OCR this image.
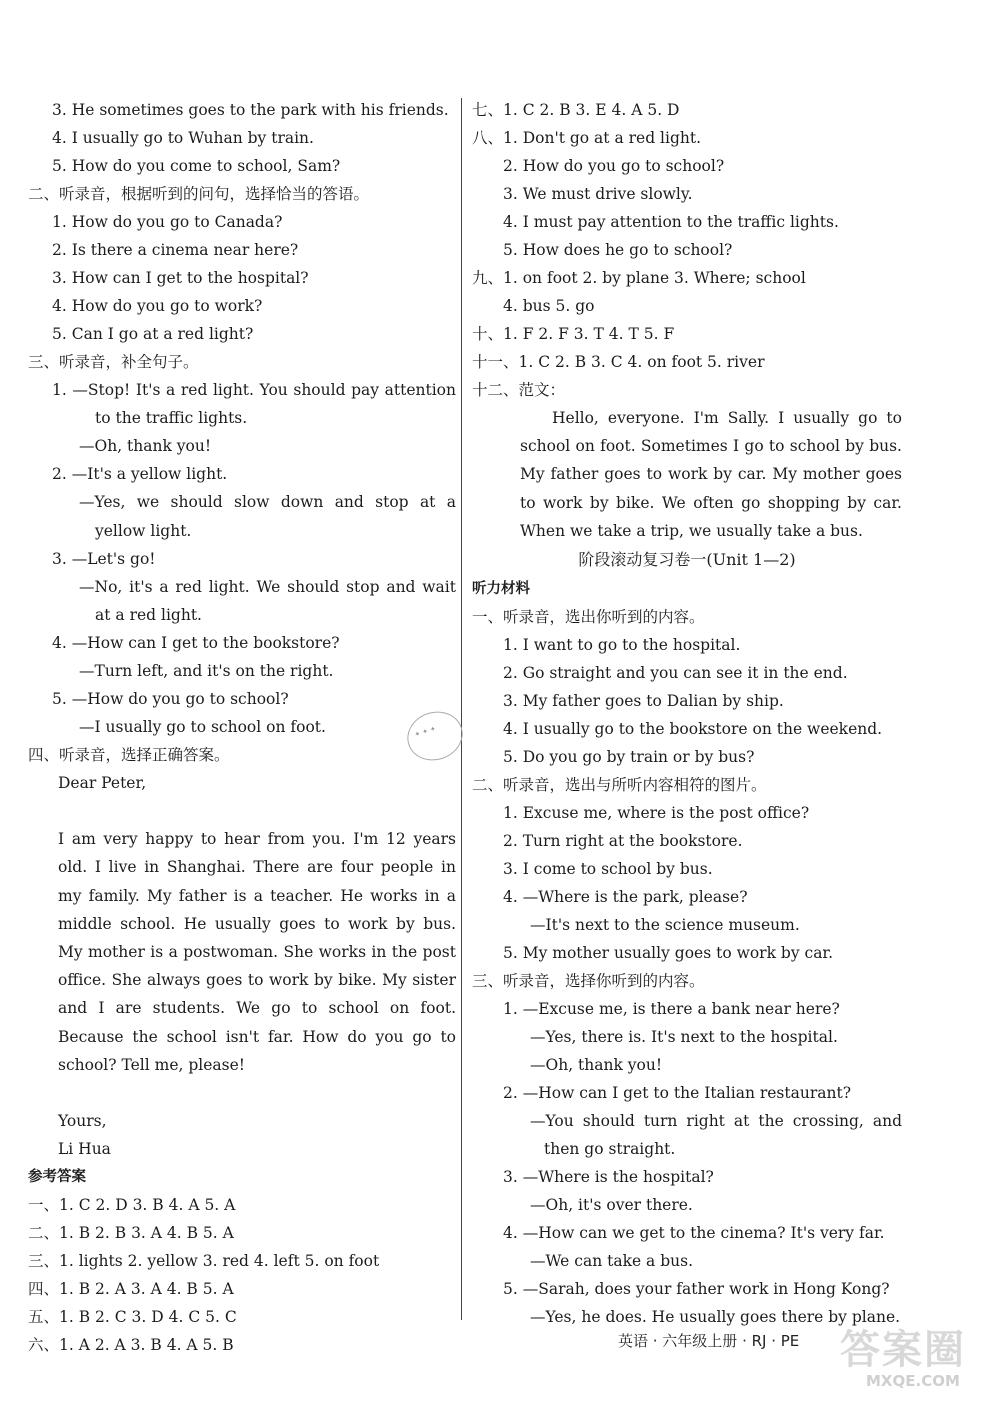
3. He sometimes goes to the park with his friends.
4. I usually go to Wuhan by train.
5. How do you come to school, Sam?
二、听录音，根据听到的问句，选择恰当的答语。
1. How do you go to Canada?
2. Is there a cinema near here?
3. How can I get to the hospital?
4. How do you go to work?
5. Can I go at a red light?
三、听录音，补全句子。
1. —Stop! It's a red light. You should pay attention to the traffic lights.
—Oh, thank you!
2. —It's a yellow light.
—Yes, we should slow down and stop at a yellow light.
3. —Let's go!
—No, it's a red light. We should stop and wait at a red light.
4. —How can I get to the bookstore?
—Turn left, and it's on the right.
5. —How do you go to school?
—I usually go to school on foot.
四、听录音，选择正确答案。
Dear Peter,
I am very happy to hear from you. I'm 12 years old. I live in Shanghai. There are four people in my family. My father is a teacher. He works in a middle school. He usually goes to work by bus. My mother is a postwoman. She works in the post office. She always goes to work by bike. My sister and I are students. We go to school on foot. Because the school isn't far. How do you go to school? Tell me, please!
Yours,
Li Hua
参考答案
一、1. C 2. D 3. B 4. A 5. A
二、1. B 2. B 3. A 4. B 5. A
三、1. lights 2. yellow 3. red 4. left 5. on foot
四、1. B 2. A 3. A 4. B 5. A
五、1. B 2. C 3. D 4. C 5. C
六、1. A 2. A 3. B 4. A 5. B
七、1. C 2. B 3. E 4. A 5. D
八、1. Don't go at a red light.
2. How do you go to school?
3. We must drive slowly.
4. I must pay attention to the traffic lights.
5. How does he go to school?
九、1. on foot 2. by plane 3. Where; school
4. bus 5. go
十、1. F 2. F 3. T 4. T 5. F
十一、1. C 2. B 3. C 4. on foot 5. river
十二、范文：
Hello, everyone. I'm Sally. I usually go to school on foot. Sometimes I go to school by bus. My father goes to work by car. My mother goes to work by bike. We often go shopping by car. When we take a trip, we usually take a bus.
阶段滚动复习卷一(Unit 1—2)
听力材料
一、听录音，选出你听到的内容。
1. I want to go to the hospital.
2. Go straight and you can see it in the end.
3. My father goes to Dalian by ship.
4. I usually go to the bookstore on the weekend.
5. Do you go by train or by bus?
二、听录音，选出与所听内容相符的图片。
1. Excuse me, where is the post office?
2. Turn right at the bookstore.
3. I come to school by bus.
4. —Where is the park, please?
—It's next to the science museum.
5. My mother usually goes to work by car.
三、听录音，选择你听到的内容。
1. —Excuse me, is there a bank near here?
—Yes, there is. It's next to the hospital.
—Oh, thank you!
2. —How can I get to the Italian restaurant?
—You should turn right at the crossing, and then go straight.
3. —Where is the hospital?
—Oh, it's over there.
4. —How can we get to the cinema? It's very far.
—We can take a bus.
5. —Sarah, does your father work in Hong Kong?
—Yes, he does. He usually goes there by plane.
✦ ✦ ✦
英语 · 六年级上册 · RJ · PE 答案圈
MXQE.COM
